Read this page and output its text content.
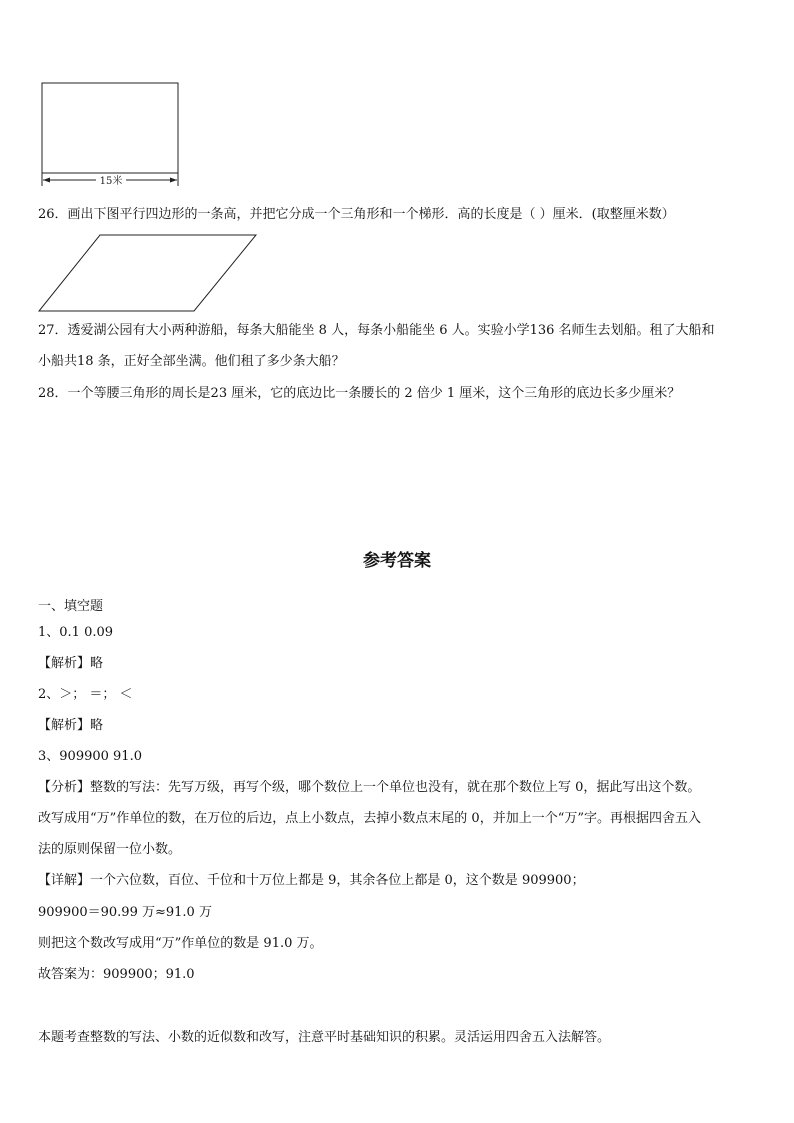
15米
26．画出下图平行四边形的一条高，并把它分成一个三角形和一个梯形．高的长度是（ ）厘米．(取整厘米数）
27．透爱湖公园有大小两种游船，每条大船能坐 8 人，每条小船能坐 6 人。实验小学136 名师生去划船。租了大船和
小船共18 条，正好全部坐满。他们租了多少条大船？
28．一个等腰三角形的周长是23 厘米，它的底边比一条腰长的 2 倍少 1 厘米，这个三角形的底边长多少厘米？
参考答案
一、填空题
1、0.1 0.09
【解析】略
2、＞； ＝； ＜
【解析】略
3、909900 91.0
【分析】整数的写法：先写万级，再写个级，哪个数位上一个单位也没有，就在那个数位上写 0，据此写出这个数。
改写成用“万”作单位的数，在万位的后边，点上小数点，去掉小数点末尾的 0，并加上一个“万”字。再根据四舍五入
法的原则保留一位小数。
【详解】一个六位数，百位、千位和十万位上都是 9，其余各位上都是 0，这个数是 909900；
909900＝90.99 万≈91.0 万
则把这个数改写成用“万”作单位的数是 91.0 万。
故答案为：909900；91.0
本题考查整数的写法、小数的近似数和改写，注意平时基础知识的积累。灵活运用四舍五入法解答。
